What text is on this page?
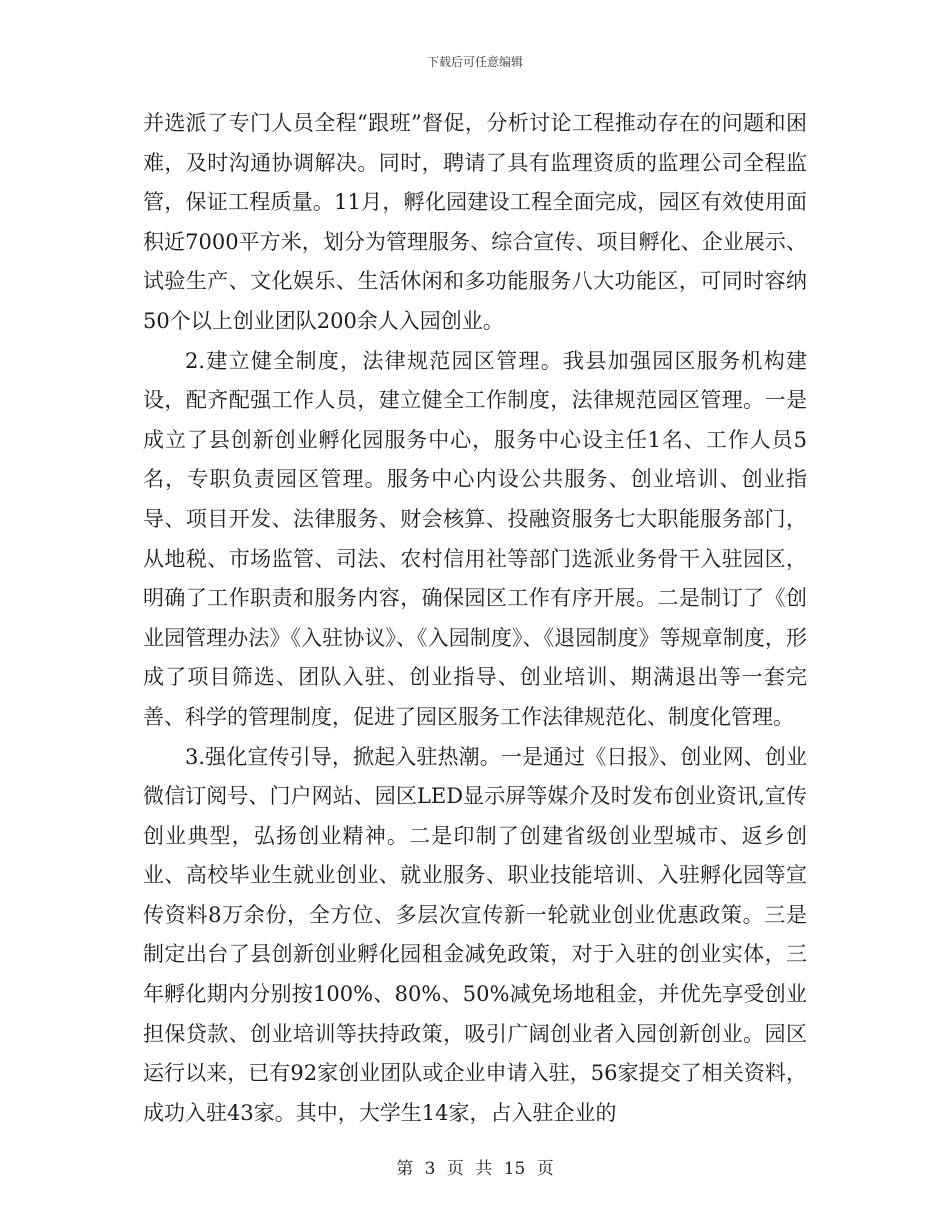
下载后可任意编辑

并选派了专门人员全程“跟班”督促，分析讨论工程推动存在的问题和困难，及时沟通协调解决。同时，聘请了具有监理资质的监理公司全程监管，保证工程质量。11月，孵化园建设工程全面完成，园区有效使用面积近7000平方米，划分为管理服务、综合宣传、项目孵化、企业展示、试验生产、文化娱乐、生活休闲和多功能服务八大功能区，可同时容纳50个以上创业团队200余人入园创业。

2.建立健全制度，法律规范园区管理。我县加强园区服务机构建设，配齐配强工作人员，建立健全工作制度，法律规范园区管理。一是成立了县创新创业孵化园服务中心，服务中心设主任1名、工作人员5名，专职负责园区管理。服务中心内设公共服务、创业培训、创业指导、项目开发、法律服务、财会核算、投融资服务七大职能服务部门，从地税、市场监管、司法、农村信用社等部门选派业务骨干入驻园区，明确了工作职责和服务内容，确保园区工作有序开展。二是制订了《创业园管理办法》《入驻协议》、《入园制度》、《退园制度》等规章制度，形成了项目筛选、团队入驻、创业指导、创业培训、期满退出等一套完善、科学的管理制度，促进了园区服务工作法律规范化、制度化管理。

3.强化宣传引导，掀起入驻热潮。一是通过《日报》、创业网、创业微信订阅号、门户网站、园区LED显示屏等媒介及时发布创业资讯,宣传创业典型，弘扬创业精神。二是印制了创建省级创业型城市、返乡创业、高校毕业生就业创业、就业服务、职业技能培训、入驻孵化园等宣传资料8万余份，全方位、多层次宣传新一轮就业创业优惠政策。三是制定出台了县创新创业孵化园租金减免政策，对于入驻的创业实体，三年孵化期内分别按100%、80%、50%减免场地租金，并优先享受创业担保贷款、创业培训等扶持政策，吸引广阔创业者入园创新创业。园区运行以来，已有92家创业团队或企业申请入驻，56家提交了相关资料，成功入驻43家。其中，大学生14家，占入驻企业的

第 3 页 共 15 页
